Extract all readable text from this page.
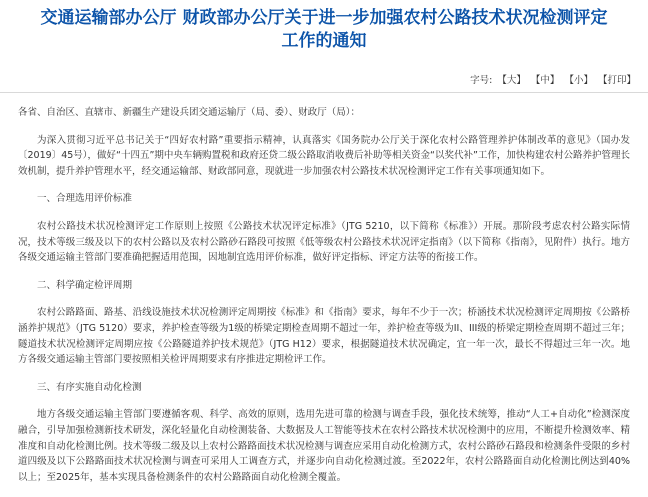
交通运输部办公厅 财政部办公厅关于进一步加强农村公路技术状况检测评定
工作的通知
字号: 【大】 【中】 【小】 【打印】

各省、自治区、直辖市、新疆生产建设兵团交通运输厅（局、委）、财政厅（局）：

为深入贯彻习近平总书记关于“四好农村路”重要指示精神，认真落实《国务院办公厅关于深化农村公路管理养护体制改革的意见》（国办发〔2019〕45号），做好“十四五”期中央车辆购置税和政府还贷二级公路取消收费后补助等相关资金“以奖代补”工作，加快构建农村公路养护管理长效机制，提升养护管理水平，经交通运输部、财政部同意，现就进一步加强农村公路技术状况检测评定工作有关事项通知如下。

一、合理选用评价标准

农村公路技术状况检测评定工作原则上按照《公路技术状况评定标准》（JTG 5210，以下简称《标准》）开展。那阶段考虑农村公路实际情况，技术等级三级及以下的农村公路以及农村公路砂石路段可按照《低等级农村公路技术状况评定指南》（以下简称《指南》，见附件）执行。地方各级交通运输主管部门要准确把握适用范围，因地制宜选用评价标准，做好评定指标、评定方法等的衔接工作。

二、科学确定检评周期

农村公路路面、路基、沿线设施技术状况检测评定周期按《标准》和《指南》要求，每年不少于一次；桥涵技术状况检测评定周期按《公路桥涵养护规范》（JTG 5120）要求，养护检查等级为1级的桥梁定期检查周期不超过一年，养护检查等级为II、III级的桥梁定期检查周期不超过三年；隧道技术状况检测评定周期应按《公路隧道养护技术规范》（JTG H12）要求，根据隧道技术状况确定，宜一年一次，最长不得超过三年一次。地方各级交通运输主管部门要按照相关检评周期要求有序推进定期检评工作。

三、有序实施自动化检测

地方各级交通运输主管部门要遵循客观、科学、高效的原则，选用先进可靠的检测与调查手段，强化技术统筹，推动“人工+自动化”检测深度融合，引导加强检测新技术研发，深化轻量化自动检测装备、大数据及人工智能等技术在农村公路技术状况检测中的应用，不断提升检测效率、精准度和自动化检测比例。技术等级二级及以上农村公路路面技术状况检测与调查应采用自动化检测方式，农村公路砂石路段和检测条件受限的乡村道四级及以下公路路面技术状况检测与调查可采用人工调查方式，并逐步向自动化检测过渡。至2022年，农村公路路面自动化检测比例达到40%以上；至2025年，基本实现具备检测条件的农村公路路面自动化检测全覆盖。
